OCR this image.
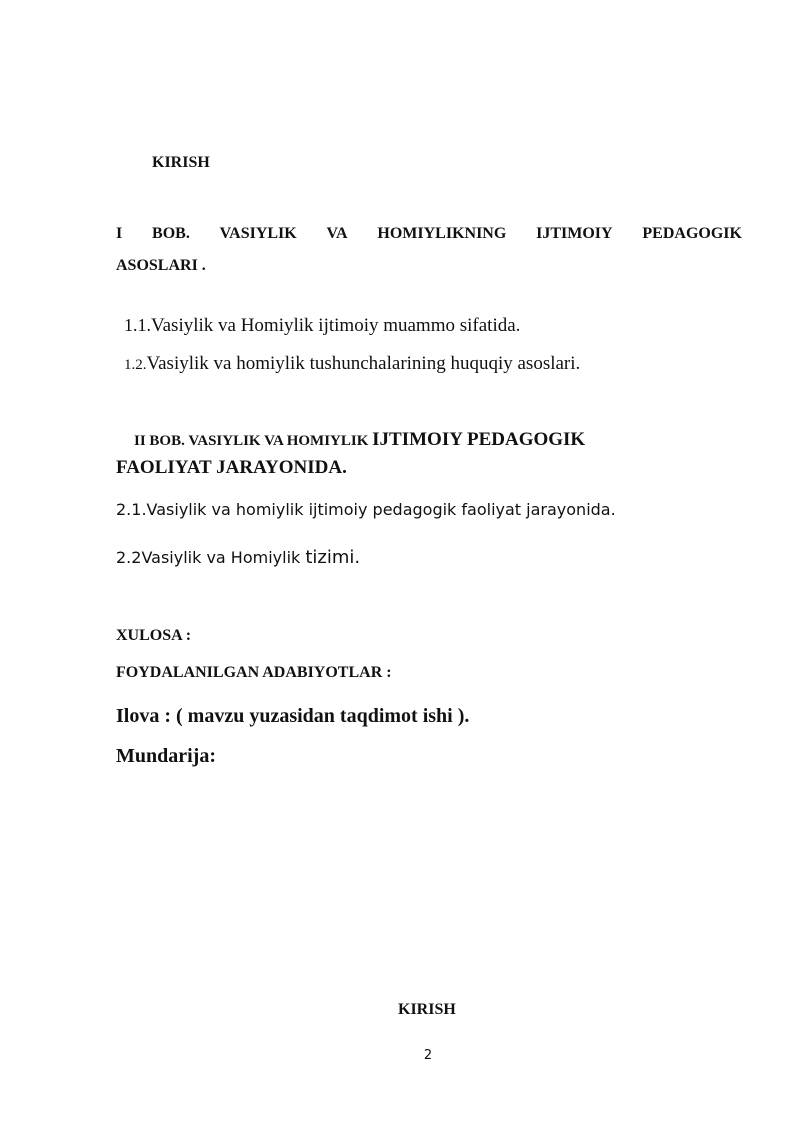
KIRISH

I BOB. VASIYLIK VA HOMIYLIKNING IJTIMOIY PEDAGOGIK
ASOSLARI .

1.1.Vasiylik va Homiylik ijtimoiy muammo sifatida.

1.2.Vasiylik va homiylik tushunchalarining huquqiy asoslari.

II BOB. VASIYLIK VA HOMIYLIK IJTIMOIY PEDAGOGIK

FAOLIYAT JARAYONIDA.

2.1.Vasiylik va homiylik ijtimoiy pedagogik faoliyat jarayonida.

2.2Vasiylik va Homiylik tizimi.

XULOSA :

FOYDALANILGAN ADABIYOTLAR :

Ilova : ( mavzu yuzasidan taqdimot ishi ).

Mundarija:

KIRISH

2
